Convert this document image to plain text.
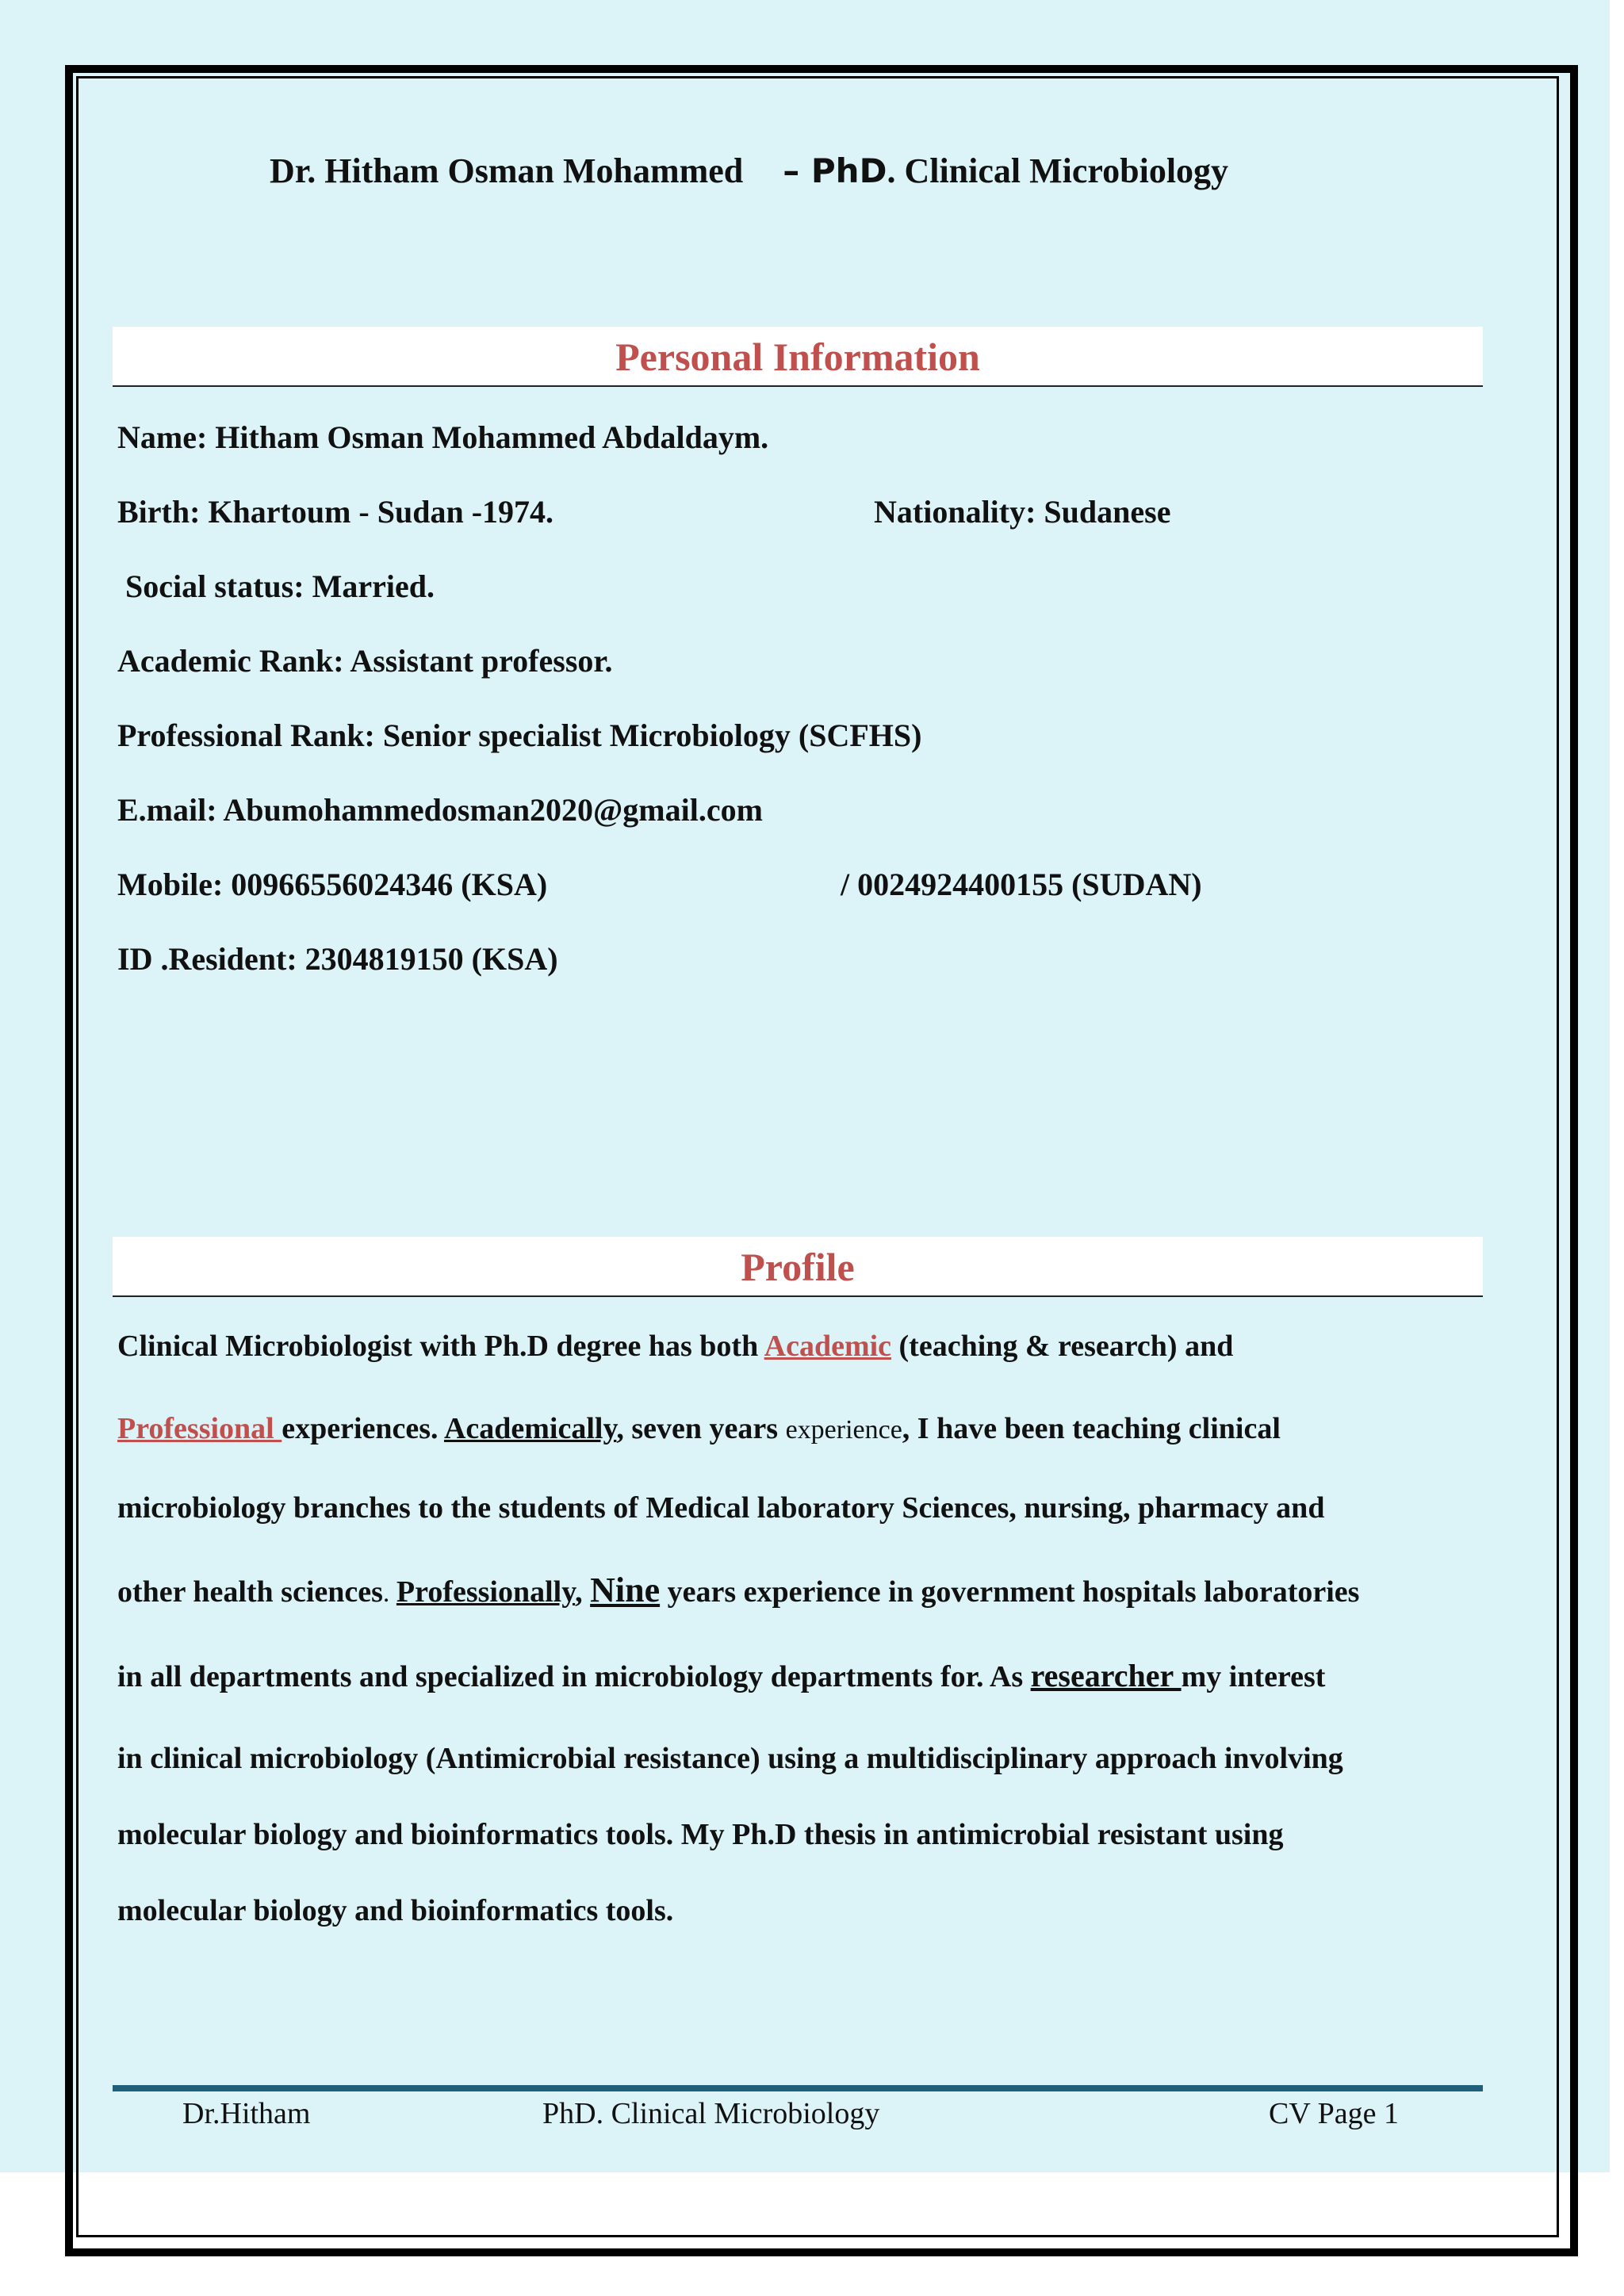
Dr. Hitham Osman Mohammed – PhD. Clinical Microbiology
Personal Information
Name: Hitham Osman Mohammed Abdaldaym.
Birth: Khartoum - Sudan -1974.	Nationality: Sudanese
Social status: Married.
Academic Rank: Assistant professor.
Professional Rank: Senior specialist Microbiology (SCFHS)
E.mail: Abumohammedosman2020@gmail.com
Mobile: 00966556024346 (KSA)	/ 0024924400155 (SUDAN)
ID .Resident: 2304819150 (KSA)
Profile
Clinical Microbiologist with Ph.D degree has both Academic (teaching & research) and
Professional experiences. Academically, seven years experience, I have been teaching clinical
microbiology branches to the students of Medical laboratory Sciences, nursing, pharmacy and
other health sciences. Professionally, Nine years experience in government hospitals laboratories
in all departments and specialized in microbiology departments for. As researcher my interest
in clinical microbiology (Antimicrobial resistance) using a multidisciplinary approach involving
molecular biology and bioinformatics tools. My Ph.D thesis in antimicrobial resistant using
molecular biology and bioinformatics tools.
Dr.Hitham	PhD. Clinical Microbiology	CV Page 1
